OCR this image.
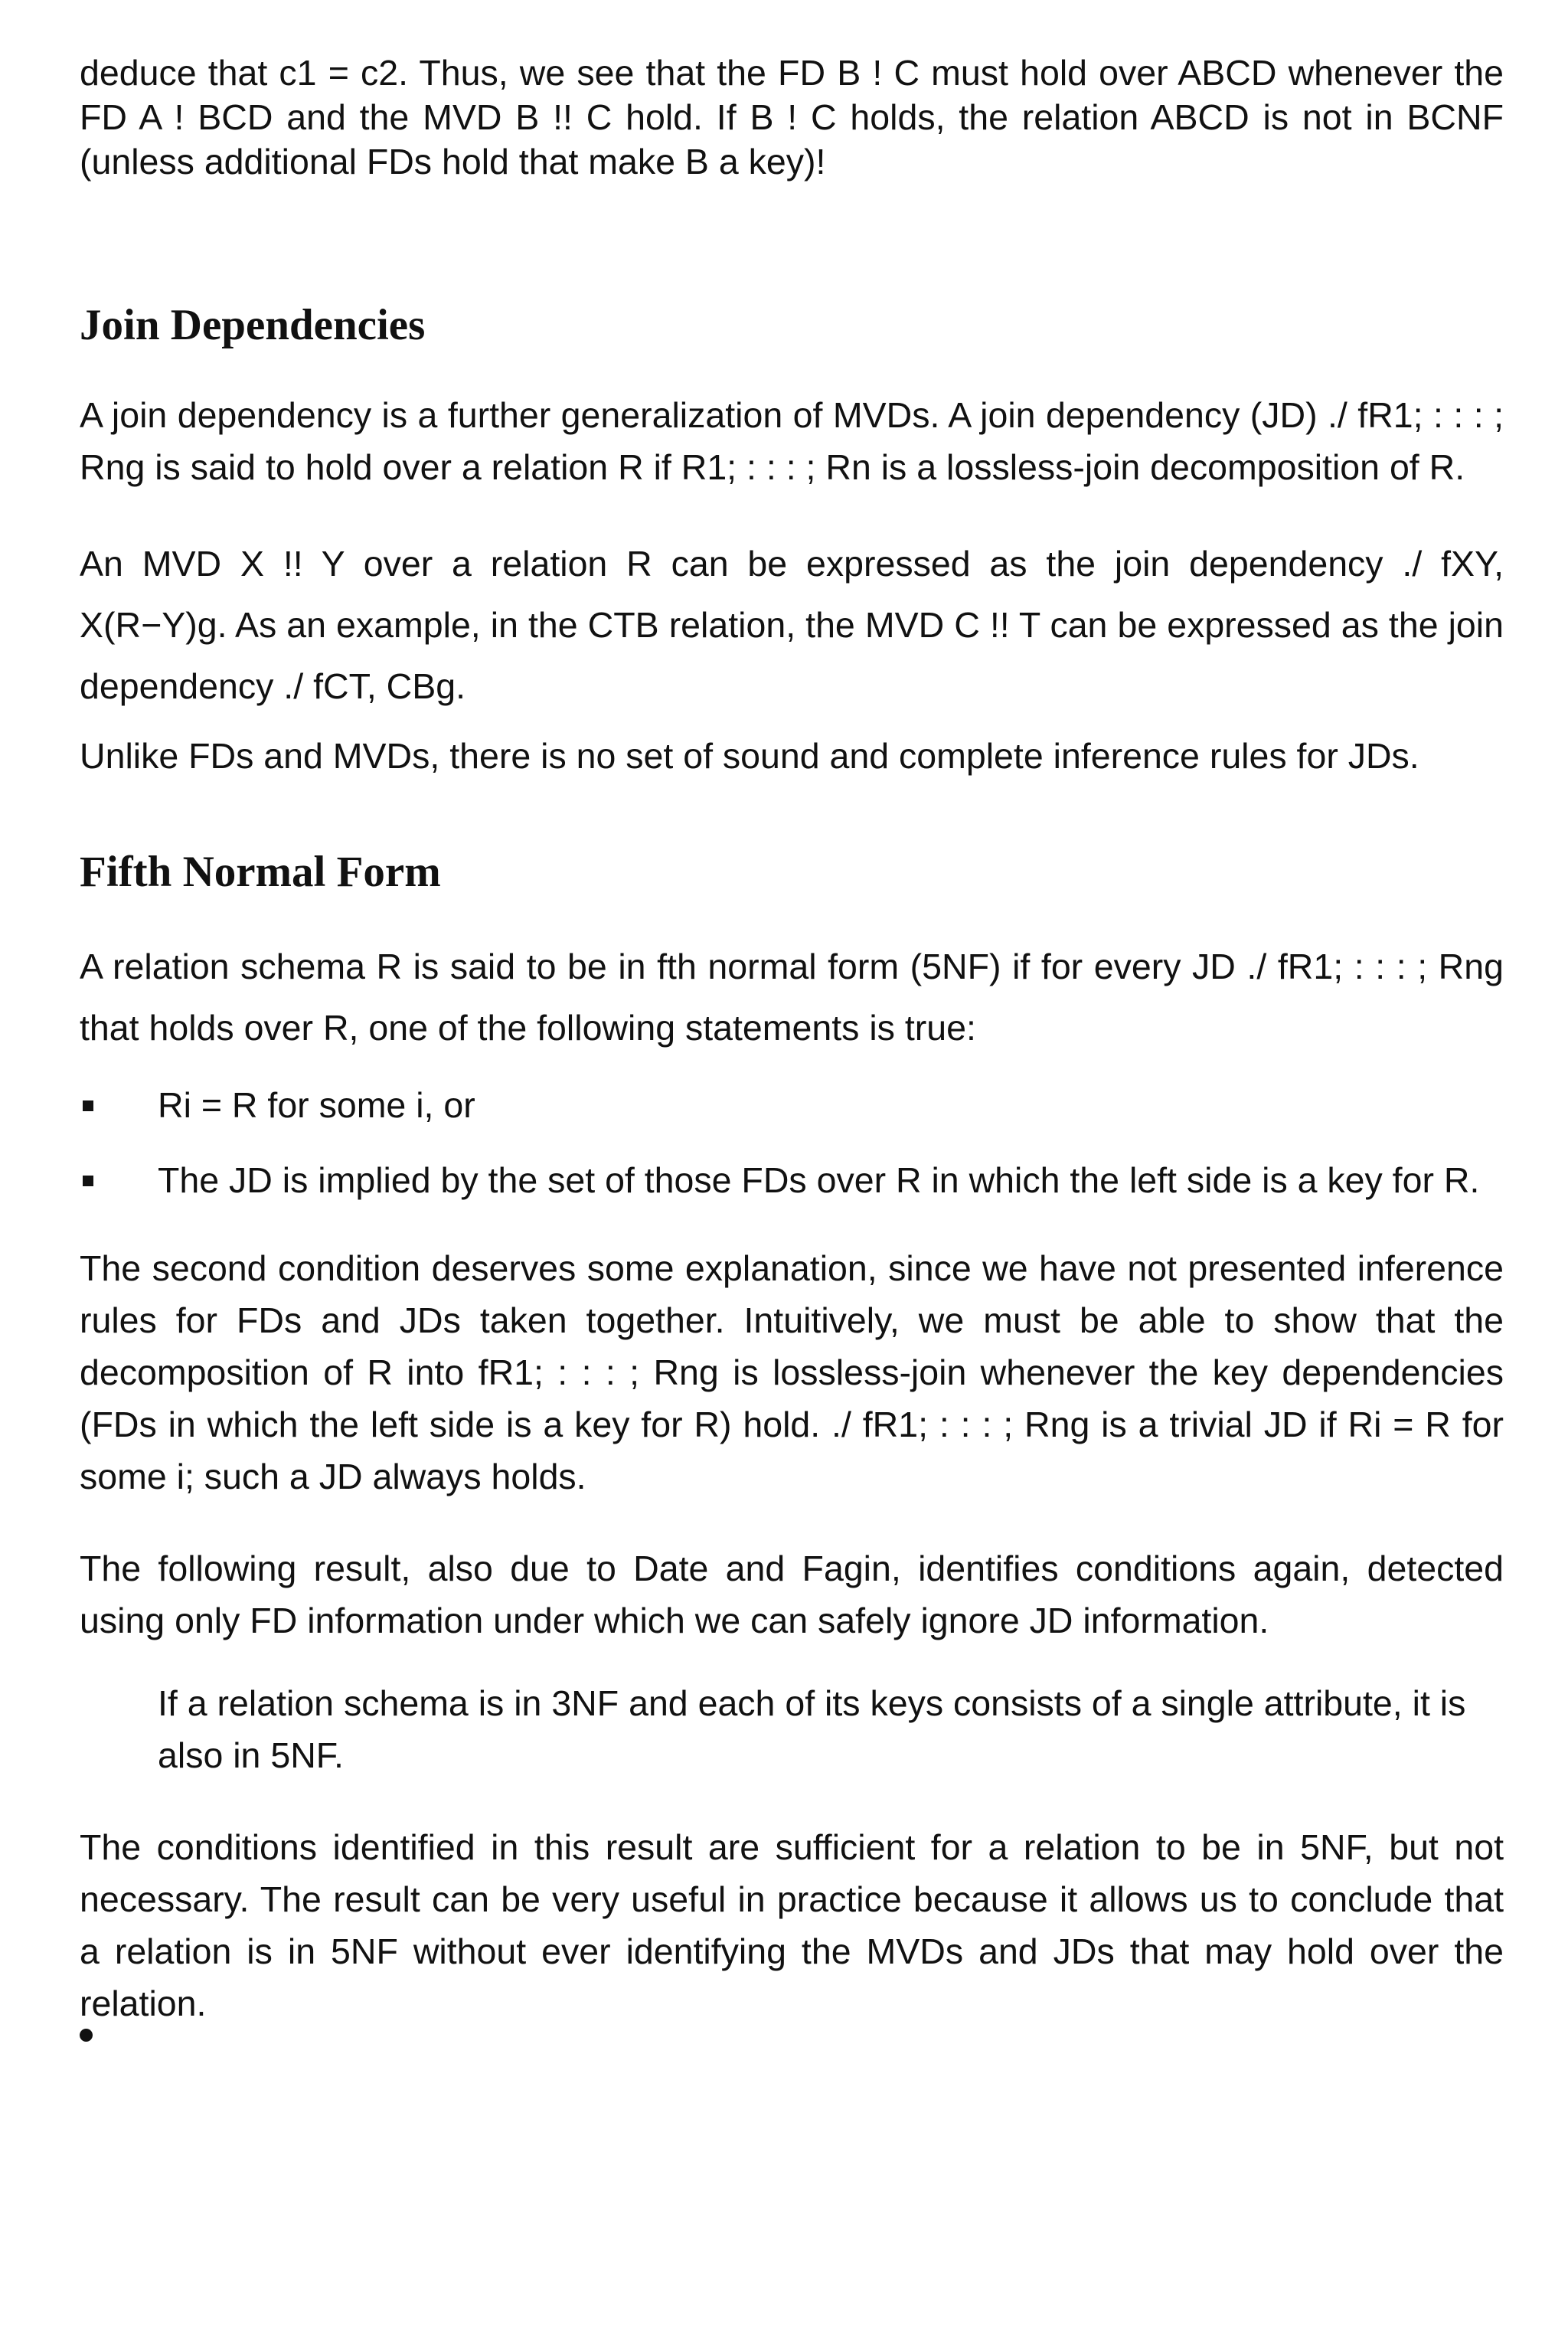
deduce that c1 = c2. Thus, we see that the FD B ! C must hold over ABCD whenever the FD A ! BCD and the MVD B !! C hold. If B ! C holds, the relation ABCD is not in BCNF (unless additional FDs hold that make B a key)!

Join Dependencies

A join dependency is a further generalization of MVDs. A join dependency (JD) ./ fR1; : : : ; Rng is said to hold over a relation R if R1; : : : ; Rn is a lossless-join decomposition of R.

An MVD X !! Y over a relation R can be expressed as the join dependency ./ fXY, X(R−Y)g. As an example, in the CTB relation, the MVD C !! T can be expressed as the join dependency ./ fCT, CBg.

Unlike FDs and MVDs, there is no set of sound and complete inference rules for JDs.

Fifth Normal Form

A relation schema R is said to be in fth normal form (5NF) if for every JD ./ fR1; : : : ; Rng that holds over R, one of the following statements is true:

Ri = R for some i, or
The JD is implied by the set of those FDs over R in which the left side is a key for R.

The second condition deserves some explanation, since we have not presented inference rules for FDs and JDs taken together. Intuitively, we must be able to show that the decomposition of R into fR1; : : : ; Rng is lossless-join whenever the key dependencies (FDs in which the left side is a key for R) hold. ./ fR1; : : : ; Rng is a trivial JD if Ri = R for some i; such a JD always holds.

The following result, also due to Date and Fagin, identifies conditions again, detected using only FD information under which we can safely ignore JD information.

If a relation schema is in 3NF and each of its keys consists of a single attribute, it is also in 5NF.

The conditions identified in this result are sufficient for a relation to be in 5NF, but not necessary. The result can be very useful in practice because it allows us to conclude that a relation is in 5NF without ever identifying the MVDs and JDs that may hold over the relation.
